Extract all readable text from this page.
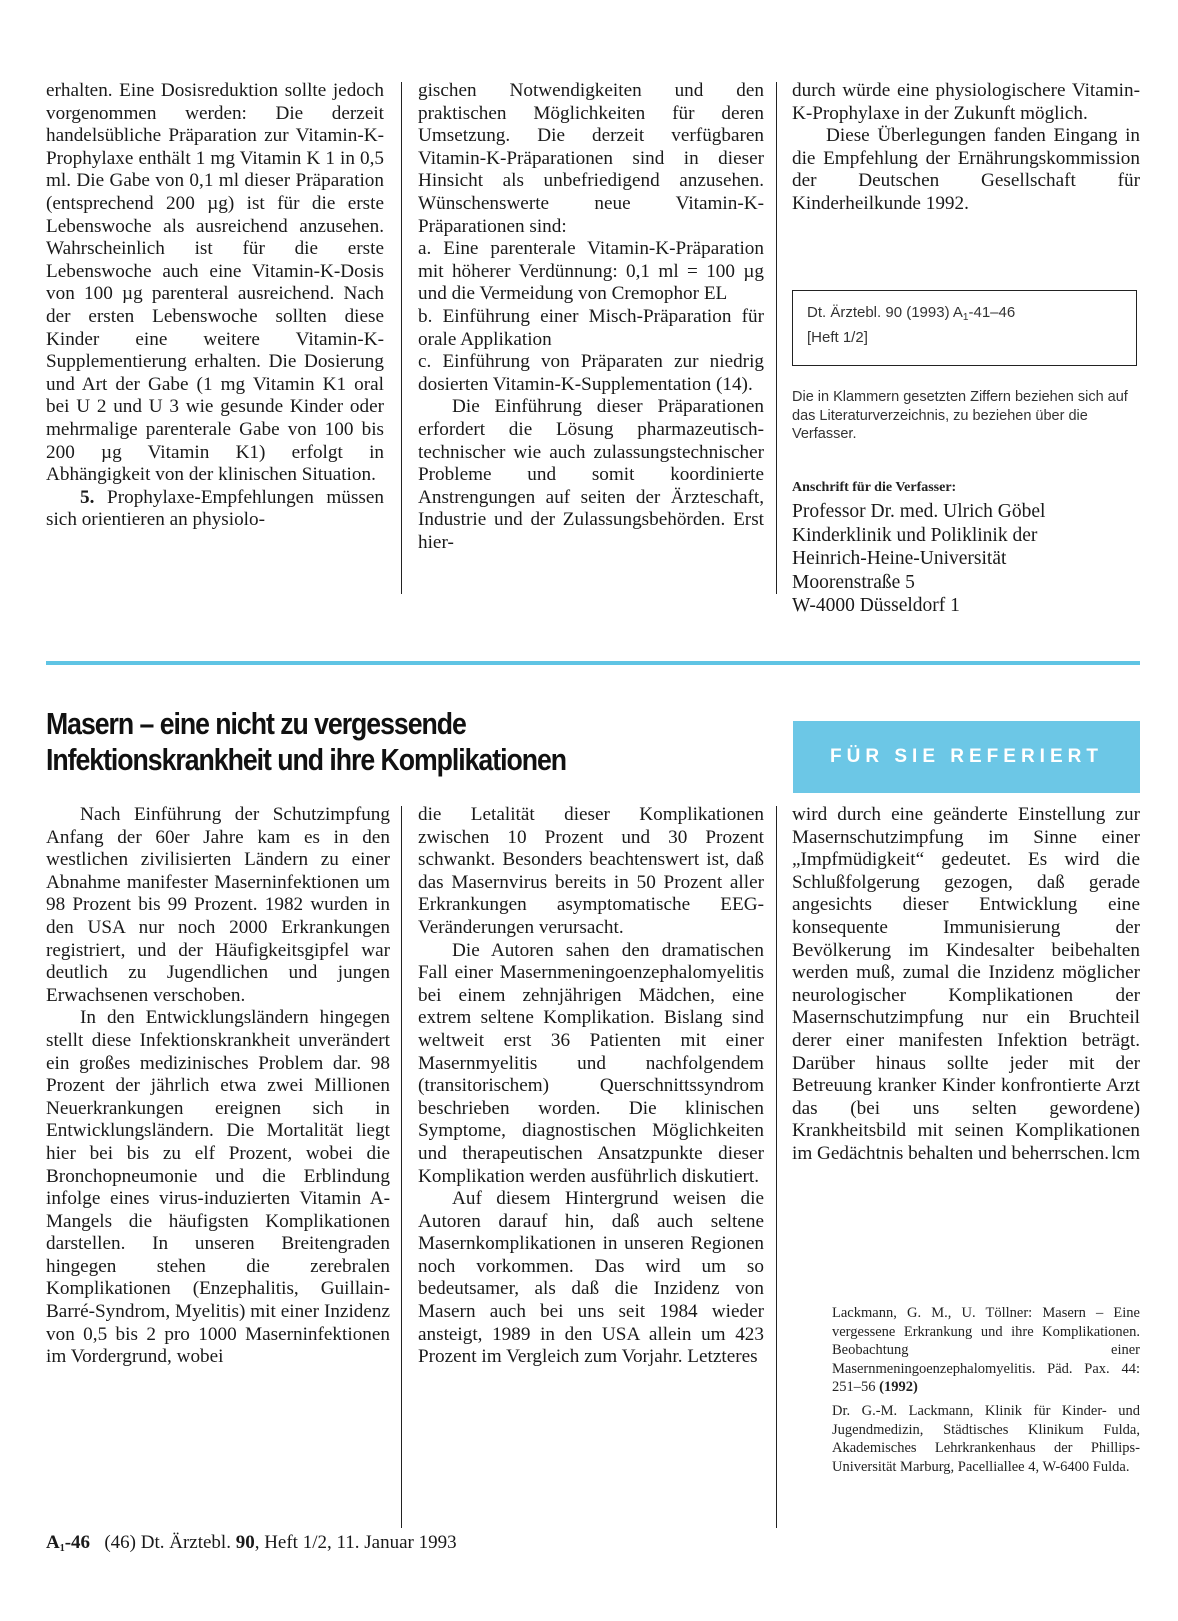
erhalten. Eine Dosisreduktion sollte jedoch vorgenommen werden: Die derzeit handelsübliche Präparation zur Vitamin-K-Prophylaxe enthält 1 mg Vitamin K 1 in 0,5 ml. Die Gabe von 0,1 ml dieser Präparation (entsprechend 200 µg) ist für die erste Lebenswoche als ausreichend anzusehen. Wahrscheinlich ist für die erste Lebenswoche auch eine Vitamin-K-Dosis von 100 µg parenteral ausreichend. Nach der ersten Lebenswoche sollten diese Kinder eine weitere Vitamin-K-Supplementierung erhalten. Die Dosierung und Art der Gabe (1 mg Vitamin K1 oral bei U 2 und U 3 wie gesunde Kinder oder mehrmalige parenterale Gabe von 100 bis 200 µg Vitamin K1) erfolgt in Abhängigkeit von der klinischen Situation.

5. Prophylaxe-Empfehlungen müssen sich orientieren an physiolo-

gischen Notwendigkeiten und den praktischen Möglichkeiten für deren Umsetzung. Die derzeit verfügbaren Vitamin-K-Präparationen sind in dieser Hinsicht als unbefriedigend anzusehen. Wünschenswerte neue Vitamin-K-Präparationen sind:

a. Eine parenterale Vitamin-K-Präparation mit höherer Verdünnung: 0,1 ml = 100 µg und die Vermeidung von Cremophor EL

b. Einführung einer Misch-Präparation für orale Applikation

c. Einführung von Präparaten zur niedrig dosierten Vitamin-K-Supplementation (14).

Die Einführung dieser Präparationen erfordert die Lösung pharmazeutisch-technischer wie auch zulassungstechnischer Probleme und somit koordinierte Anstrengungen auf seiten der Ärzteschaft, Industrie und der Zulassungsbehörden. Erst hier-

durch würde eine physiologischere Vitamin-K-Prophylaxe in der Zukunft möglich.

Diese Überlegungen fanden Eingang in die Empfehlung der Ernährungskommission der Deutschen Gesellschaft für Kinderheilkunde 1992.

Dt. Ärztebl. 90 (1993) $A_1-41-46$
[Heft 1/2]
Die in Klammern gesetzten Ziffern beziehen sich auf das Literaturverzeichnis, zu beziehen über die Verfasser.
Anschrift für die Verfasser:
Professor Dr. med. Ulrich Göbel
Kinderklinik und Poliklinik der
Heinrich-Heine-Universität
Moorenstraße 5
W-4000 Düsseldorf 1
Masern – eine nicht zu vergessende
Infektionskrankheit und ihre Komplikationen	FÜR SIE REFERIERT

Nach Einführung der Schutzimpfung Anfang der 60er Jahre kam es in den westlichen zivilisierten Ländern zu einer Abnahme manifester Maserninfektionen um 98 Prozent bis 99 Prozent. 1982 wurden in den USA nur noch 2000 Erkrankungen registriert, und der Häufigkeitsgipfel war deutlich zu Jugendlichen und jungen Erwachsenen verschoben.

In den Entwicklungsländern hingegen stellt diese Infektionskrankheit unverändert ein großes medizinisches Problem dar. 98 Prozent der jährlich etwa zwei Millionen Neuerkrankungen ereignen sich in Entwicklungsländern. Die Mortalität liegt hier bei bis zu elf Prozent, wobei die Bronchopneumonie und die Erblindung infolge eines virus-induzierten Vitamin A-Mangels die häufigsten Komplikationen darstellen. In unseren Breitengraden hingegen stehen die zerebralen Komplikationen (Enzephalitis, Guillain-Barré-Syndrom, Myelitis) mit einer Inzidenz von 0,5 bis 2 pro 1000 Maserninfektionen im Vordergrund, wobei

die Letalität dieser Komplikationen zwischen 10 Prozent und 30 Prozent schwankt. Besonders beachtenswert ist, daß das Masernvirus bereits in 50 Prozent aller Erkrankungen asymptomatische EEG-Veränderungen verursacht.

Die Autoren sahen den dramatischen Fall einer Masernmeningoenzephalomyelitis bei einem zehnjährigen Mädchen, eine extrem seltene Komplikation. Bislang sind weltweit erst 36 Patienten mit einer Masernmyelitis und nachfolgendem (transitorischem) Querschnittssyndrom beschrieben worden. Die klinischen Symptome, diagnostischen Möglichkeiten und therapeutischen Ansatzpunkte dieser Komplikation werden ausführlich diskutiert.

Auf diesem Hintergrund weisen die Autoren darauf hin, daß auch seltene Masernkomplikationen in unseren Regionen noch vorkommen. Das wird um so bedeutsamer, als daß die Inzidenz von Masern auch bei uns seit 1984 wieder ansteigt, 1989 in den USA allein um 423 Prozent im Vergleich zum Vorjahr. Letzteres

wird durch eine geänderte Einstellung zur Masernschutzimpfung im Sinne einer „Impfmüdigkeit“ gedeutet. Es wird die Schlußfolgerung gezogen, daß gerade angesichts dieser Entwicklung eine konsequente Immunisierung der Bevölkerung im Kindesalter beibehalten werden muß, zumal die Inzidenz möglicher neurologischer Komplikationen der Masernschutzimpfung nur ein Bruchteil derer einer manifesten Infektion beträgt. Darüber hinaus sollte jeder mit der Betreuung kranker Kinder konfrontierte Arzt das (bei uns selten gewordene) Krankheitsbild mit seinen Komplikationen im Gedächtnis behalten und beherrschen. lcm

Lackmann, G. M., U. Töllner: Masern – Eine vergessene Erkrankung und ihre Komplikationen. Beobachtung einer Masernmeningoenzephalomyelitis. Päd. Pax. 44: 251–56 (1992)
Dr. G.-M. Lackmann, Klinik für Kinder- und Jugendmedizin, Städtisches Klinikum Fulda, Akademisches Lehrkrankenhaus der Phillips-Universität Marburg, Pacelliallee 4, W-6400 Fulda.
$A_1-46$ (46) Dt. Ärztebl. 90, Heft 1/2, 11. Januar 1993
